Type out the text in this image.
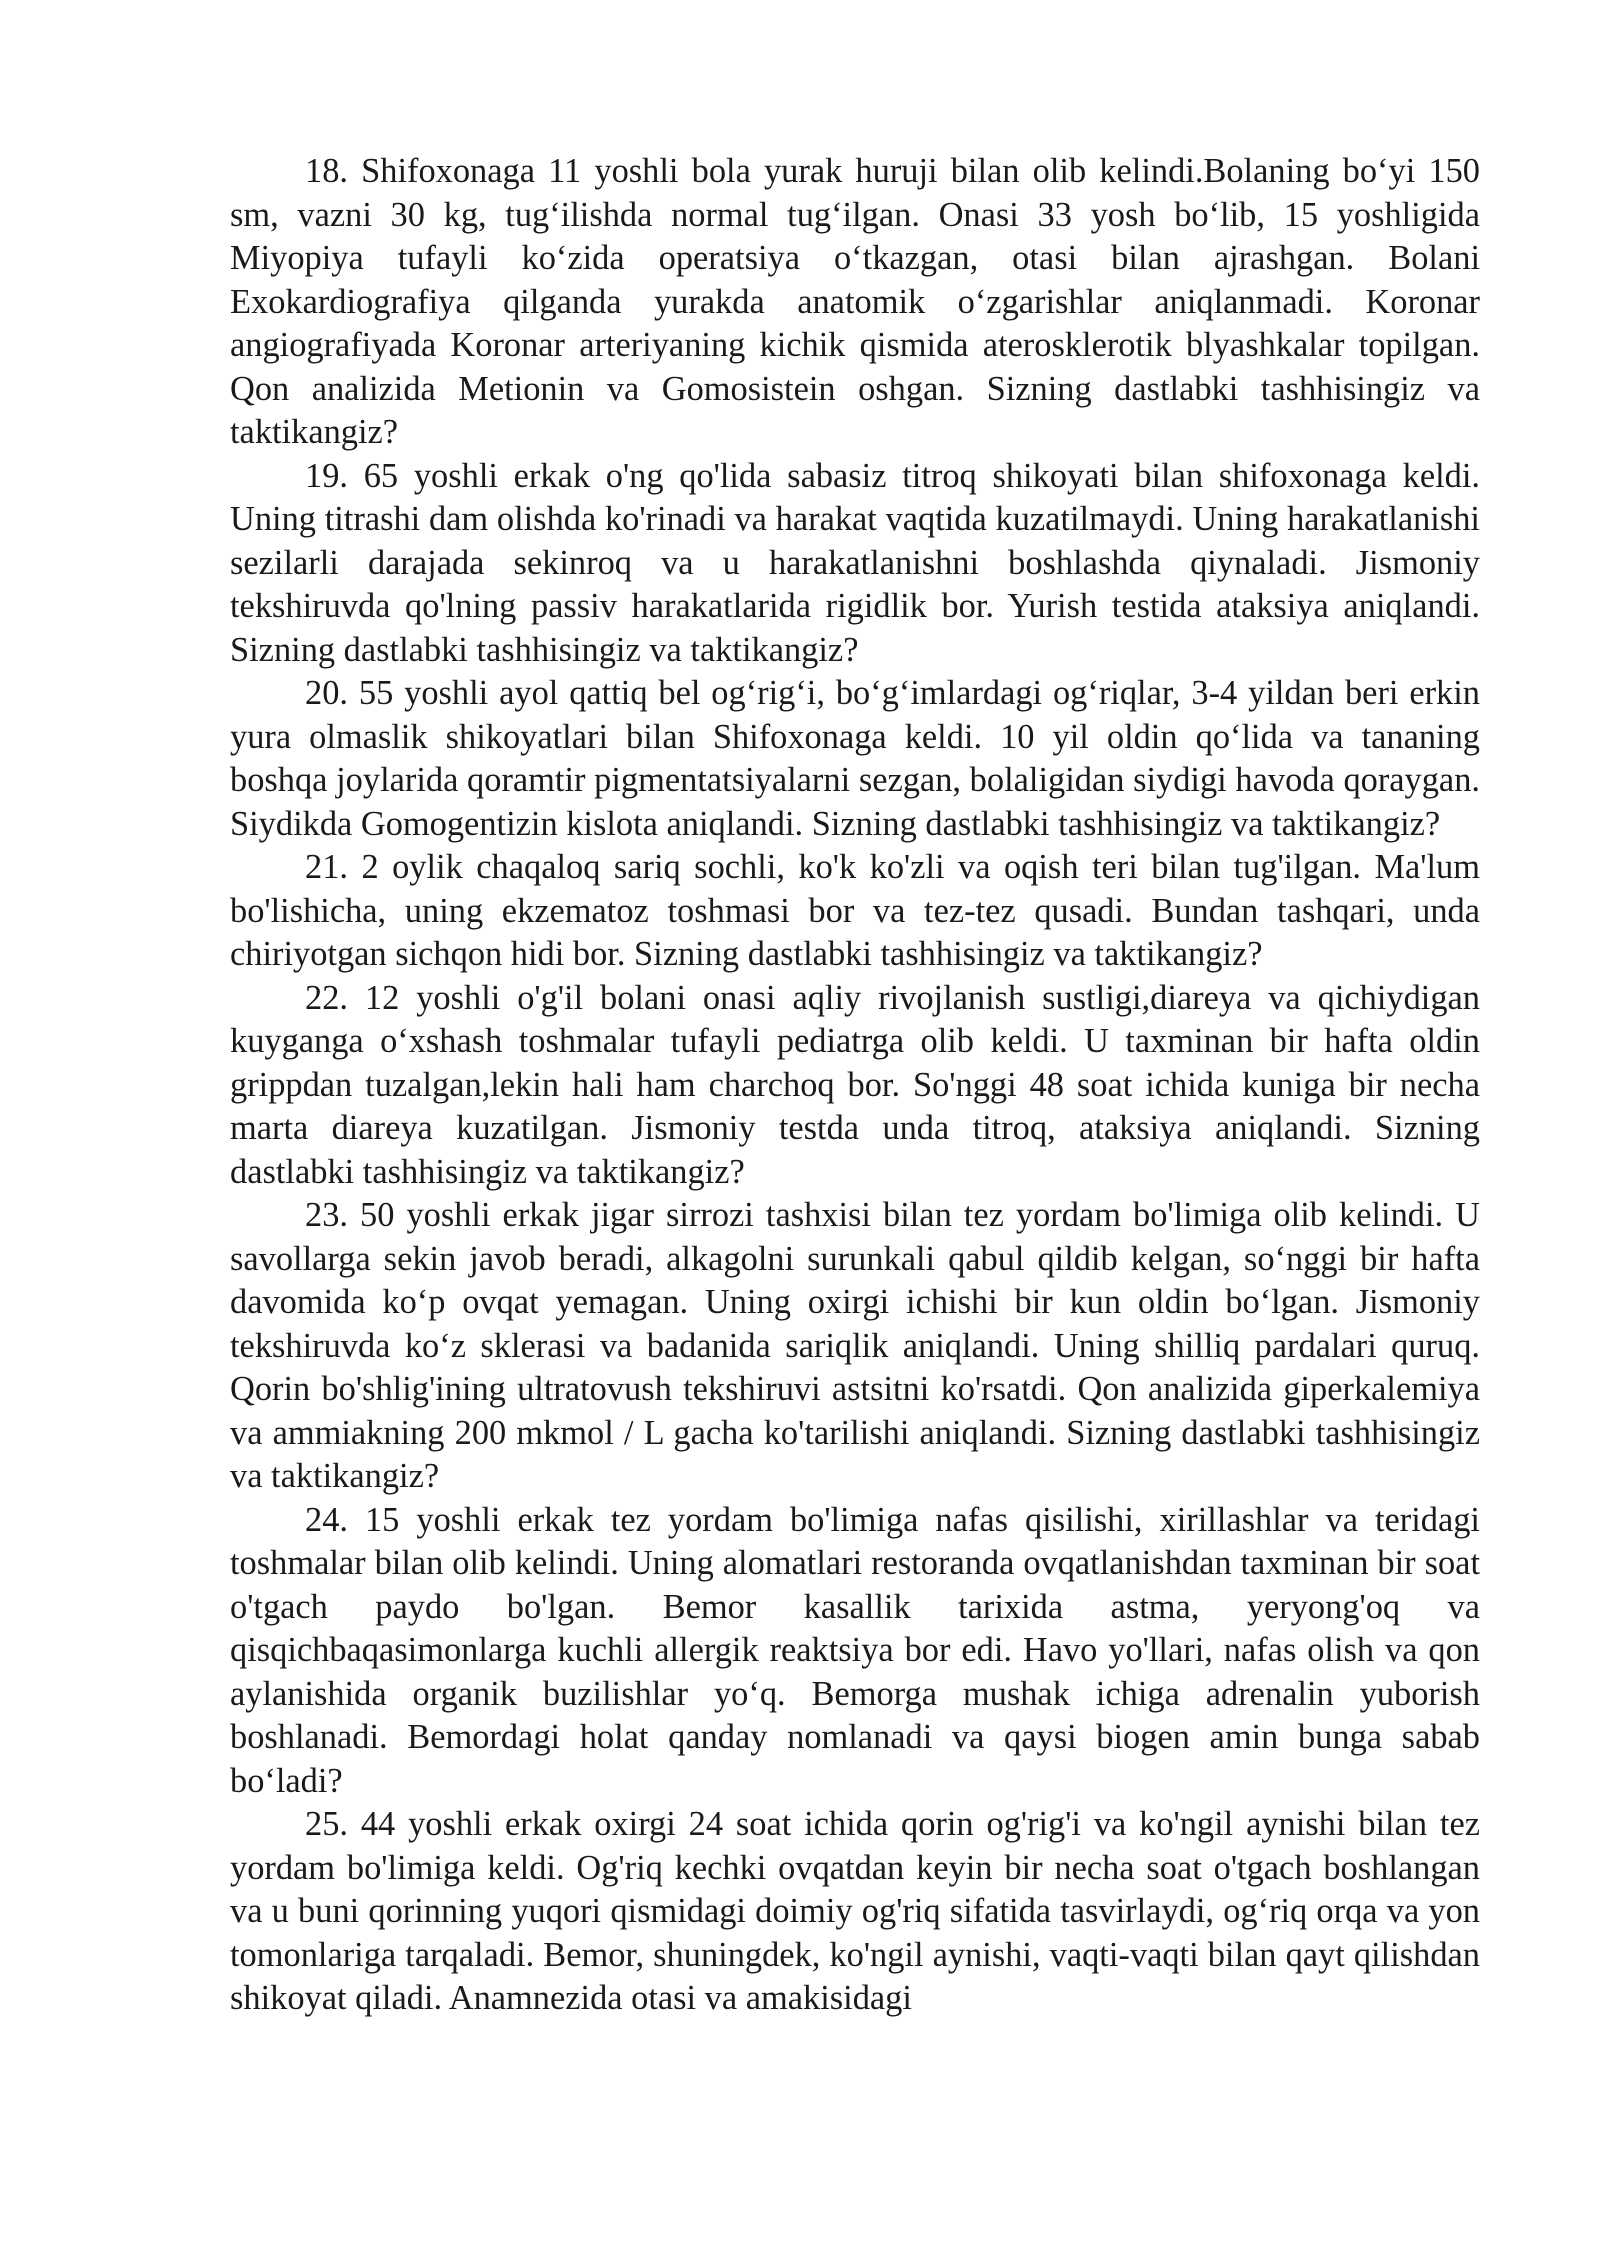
18. Shifoxonaga 11 yoshli bola yurak huruji bilan olib kelindi.Bolaning bo‘yi 150 sm, vazni 30 kg, tug‘ilishda normal tug‘ilgan. Onasi 33 yosh bo‘lib, 15 yoshligida Miyopiya tufayli ko‘zida operatsiya o‘tkazgan, otasi bilan ajrashgan. Bolani Exokardiografiya qilganda yurakda anatomik o‘zgarishlar aniqlanmadi. Koronar angiografiyada Koronar arteriyaning kichik qismida aterosklerotik blyashkalar topilgan. Qon analizida Metionin va Gomosistein oshgan. Sizning dastlabki tashhisingiz va taktikangiz?

19. 65 yoshli erkak o'ng qo'lida sabasiz titroq shikoyati bilan shifoxonaga keldi. Uning titrashi dam olishda ko'rinadi va harakat vaqtida kuzatilmaydi. Uning harakatlanishi sezilarli darajada sekinroq va u harakatlanishni boshlashda qiynaladi. Jismoniy tekshiruvda qo'lning passiv harakatlarida rigidlik bor. Yurish testida ataksiya aniqlandi. Sizning dastlabki tashhisingiz va taktikangiz?

20. 55 yoshli ayol qattiq bel og‘rig‘i, bo‘g‘imlardagi og‘riqlar, 3-4 yildan beri erkin yura olmaslik shikoyatlari bilan Shifoxonaga keldi. 10 yil oldin qo‘lida va tananing boshqa joylarida qoramtir pigmentatsiyalarni sezgan, bolaligidan siydigi havoda qoraygan. Siydikda Gomogentizin kislota aniqlandi. Sizning dastlabki tashhisingiz va taktikangiz?

21. 2 oylik chaqaloq sariq sochli, ko'k ko'zli va oqish teri bilan tug'ilgan. Ma'lum bo'lishicha, uning ekzematoz toshmasi bor va tez-tez qusadi. Bundan tashqari, unda chiriyotgan sichqon hidi bor. Sizning dastlabki tashhisingiz va taktikangiz?

22. 12 yoshli o'g'il bolani onasi aqliy rivojlanish sustligi,diareya va qichiydigan kuyganga o‘xshash toshmalar tufayli pediatrga olib keldi. U taxminan bir hafta oldin grippdan tuzalgan,lekin hali ham charchoq bor. So'nggi 48 soat ichida kuniga bir necha marta diareya kuzatilgan. Jismoniy testda unda titroq, ataksiya aniqlandi. Sizning dastlabki tashhisingiz va taktikangiz?

23. 50 yoshli erkak jigar sirrozi tashxisi bilan tez yordam bo'limiga olib kelindi. U savollarga sekin javob beradi, alkagolni surunkali qabul qildib kelgan, so‘nggi bir hafta davomida ko‘p ovqat yemagan. Uning oxirgi ichishi bir kun oldin bo‘lgan. Jismoniy tekshiruvda ko‘z sklerasi va badanida sariqlik aniqlandi. Uning shilliq pardalari quruq. Qorin bo'shlig'ining ultratovush tekshiruvi astsitni ko'rsatdi. Qon analizida giperkalemiya va ammiakning 200 mkmol / L gacha ko'tarilishi aniqlandi. Sizning dastlabki tashhisingiz va taktikangiz?

24. 15 yoshli erkak tez yordam bo'limiga nafas qisilishi, xirillashlar va teridagi toshmalar bilan olib kelindi. Uning alomatlari restoranda ovqatlanishdan taxminan bir soat o'tgach paydo bo'lgan. Bemor kasallik tarixida astma, yeryong'oq va qisqichbaqasimonlarga kuchli allergik reaktsiya bor edi. Havo yo'llari, nafas olish va qon aylanishida organik buzilishlar yo‘q. Bemorga mushak ichiga adrenalin yuborish boshlanadi. Bemordagi holat qanday nomlanadi va qaysi biogen amin bunga sabab bo‘ladi?

25. 44 yoshli erkak oxirgi 24 soat ichida qorin og'rig'i va ko'ngil aynishi bilan tez yordam bo'limiga keldi. Og'riq kechki ovqatdan keyin bir necha soat o'tgach boshlangan va u buni qorinning yuqori qismidagi doimiy og'riq sifatida tasvirlaydi, og‘riq orqa va yon tomonlariga tarqaladi. Bemor, shuningdek, ko'ngil aynishi, vaqti-vaqti bilan qayt qilishdan shikoyat qiladi. Anamnezida otasi va amakisidagi
